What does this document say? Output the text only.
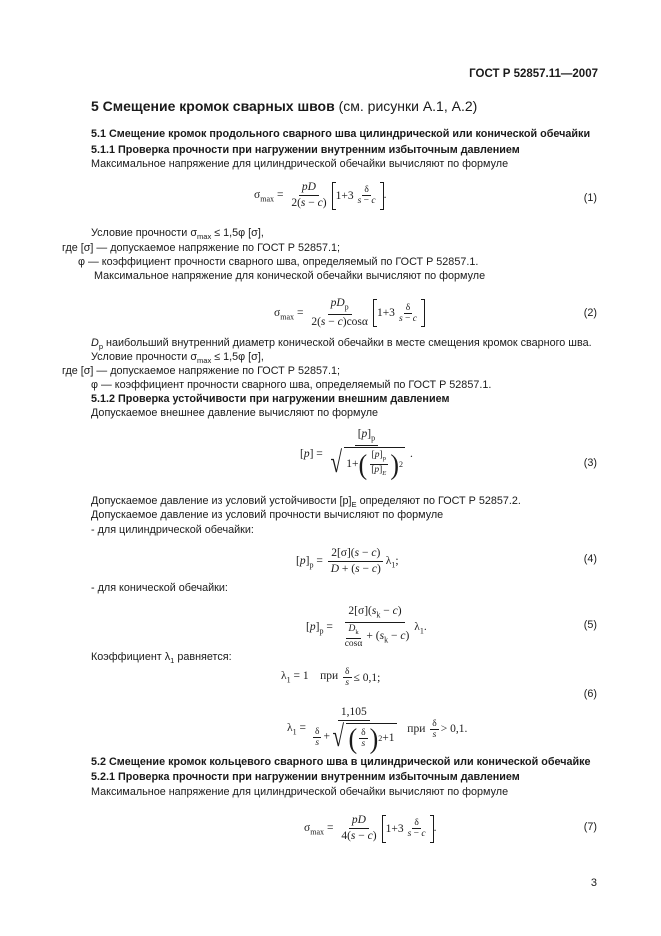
ГОСТ Р 52857.11—2007
5 Смещение кромок сварных швов (см. рисунки А.1, А.2)
5.1 Смещение кромок продольного сварного шва цилиндрической или конической обечайки
5.1.1 Проверка прочности при нагружении внутренним избыточным давлением
Максимальное напряжение для цилиндрической обечайки вычисляют по формуле
$\sigma_{max} = \frac{pD}{2(s - c)} 1+3 \frac{\delta}{s - c}$ .	(1)
Условие прочности $\sigma_{max} \le 1,5\varphi$ [σ],
где [σ] — допускаемое напряжение по ГОСТ Р 52857.1;
φ — коэффициент прочности сварного шва, определяемый по ГОСТ Р 52857.1.
Максимальное напряжение для конической обечайки вычисляют по формуле
$\sigma_{max} = \frac{pD_p}{2(s - c)\cos\alpha} 1+3 \frac{\delta}{s - c}$	(2)
$D_p$ наибольший внутренний диаметр конической обечайки в месте смещения кромок сварного шва.
Условие прочности $\sigma_{max} \le 1,5\varphi$ [σ],
где [σ] — допускаемое напряжение по ГОСТ Р 52857.1;
φ — коэффициент прочности сварного шва, определяемый по ГОСТ Р 52857.1.
5.1.2 Проверка устойчивости при нагружении внешним давлением
Допускаемое внешнее давление вычисляют по формуле
$[p] = \frac{[p]_p}{√ 1+ ( \frac{[p]_p}{[p]_E} ) 2}$ .
(3)
Допускаемое давление из условий устойчивости $[p]_E$ определяют по ГОСТ Р 52857.2.
Допускаемое давление из условий прочности вычисляют по формуле
- для цилиндрической обечайки:
$[p]_p = \frac{2[\sigma](s - c)}{D + (s - c)} \lambda_1$;	(4)
- для конической обечайки:
$[p]_p = \frac{2[\sigma](s_k - c)}{\frac{D_k}{\cos\alpha} + (s_k - c)} \lambda_1$.	(5)
Коэффициент $\lambda_1$ равняется:
$\lambda_1 = 1$    при $\frac{\delta}{s} \le 0,1$;
(6)
$\lambda_1 = \frac{1,105}{\frac{\delta}{s} + √ ( \frac{\delta}{s} ) 2 +1}$ при $\frac{\delta}{s} > 0,1$.
5.2 Смещение кромок кольцевого сварного шва в цилиндрической или конической обечайке
5.2.1 Проверка прочности при нагружении внутренним избыточным давлением
Максимальное напряжение для цилиндрической обечайки вычисляют по формуле
$\sigma_{max} = \frac{pD}{4(s - c)} 1+3 \frac{\delta}{s - c}$ .	(7)
3
